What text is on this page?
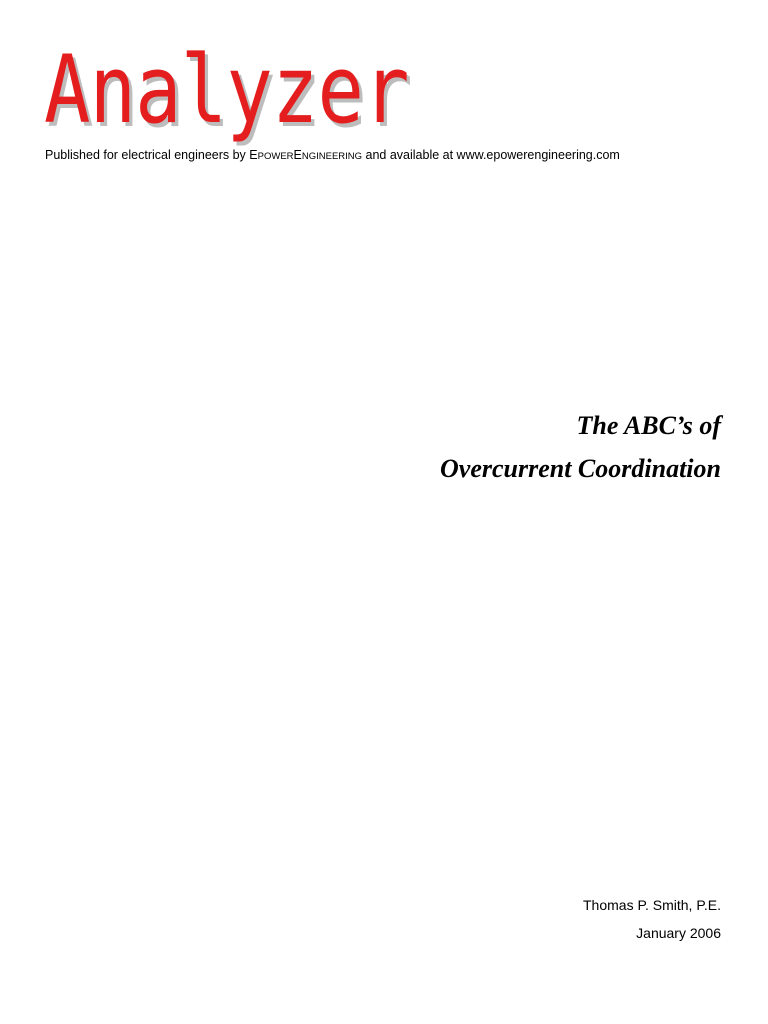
Analyzer
Published for electrical engineers by EPOWERENGINEERING and available at www.epowerengineering.com
The ABC’s of
Overcurrent Coordination
Thomas P. Smith, P.E.
January 2006
